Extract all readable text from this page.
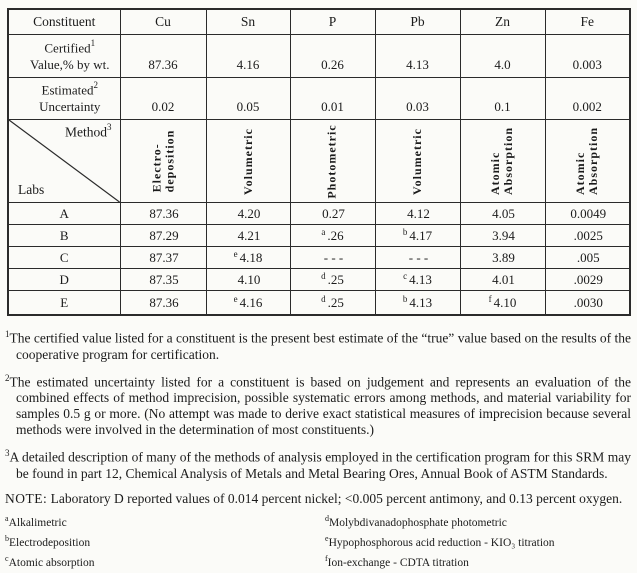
Constituent	Cu	Sn	P	Pb	Zn	Fe
Certified$^1$
Value,% by wt.	87.36	4.16	0.26	4.13	4.0	0.003
Estimated$^2$
Uncertainty	0.02	0.05	0.01	0.03	0.1	0.002

Method$^3$
Labs	Electro- deposition	Volumetric	Photometric	Volumetric	Atomic Absorption	Atomic Absorption

A	87.36	4.20	0.27	4.12	4.05	0.0049
B	87.29	4.21	$^a$ .26	$^b$ 4.17	3.94	.0025
C	87.37	$^e$ 4.18	- - -	- - -	3.89	.005
D	87.35	4.10	$^d$ .25	$^c$ 4.13	4.01	.0029
E	87.36	$^e$ 4.16	$^d$ .25	$^b$ 4.13	$^f$ 4.10	.0030
$^1$The certified value listed for a constituent is the present best estimate of the “true” value based on the results of the cooperative program for certification.
$^2$The estimated uncertainty listed for a constituent is based on judgement and represents an evaluation of the combined effects of method imprecision, possible systematic errors among methods, and material variability for samples 0.5 g or more. (No attempt was made to derive exact statistical measures of imprecision because several methods were involved in the determination of most constituents.)
$^3$A detailed description of many of the methods of analysis employed in the certification program for this SRM may be found in part 12, Chemical Analysis of Metals and Metal Bearing Ores, Annual Book of ASTM Standards.
NOTE: Laboratory D reported values of 0.014 percent nickel; <0.005 percent antimony, and 0.13 percent oxygen.
$^a$Alkalimetric
$^b$Electrodeposition
$^c$Atomic absorption
$^d$Molybdivanadophosphate photometric
$^e$Hypophosphorous acid reduction - KIO₃ titration
$^f$Ion-exchange - CDTA titration
